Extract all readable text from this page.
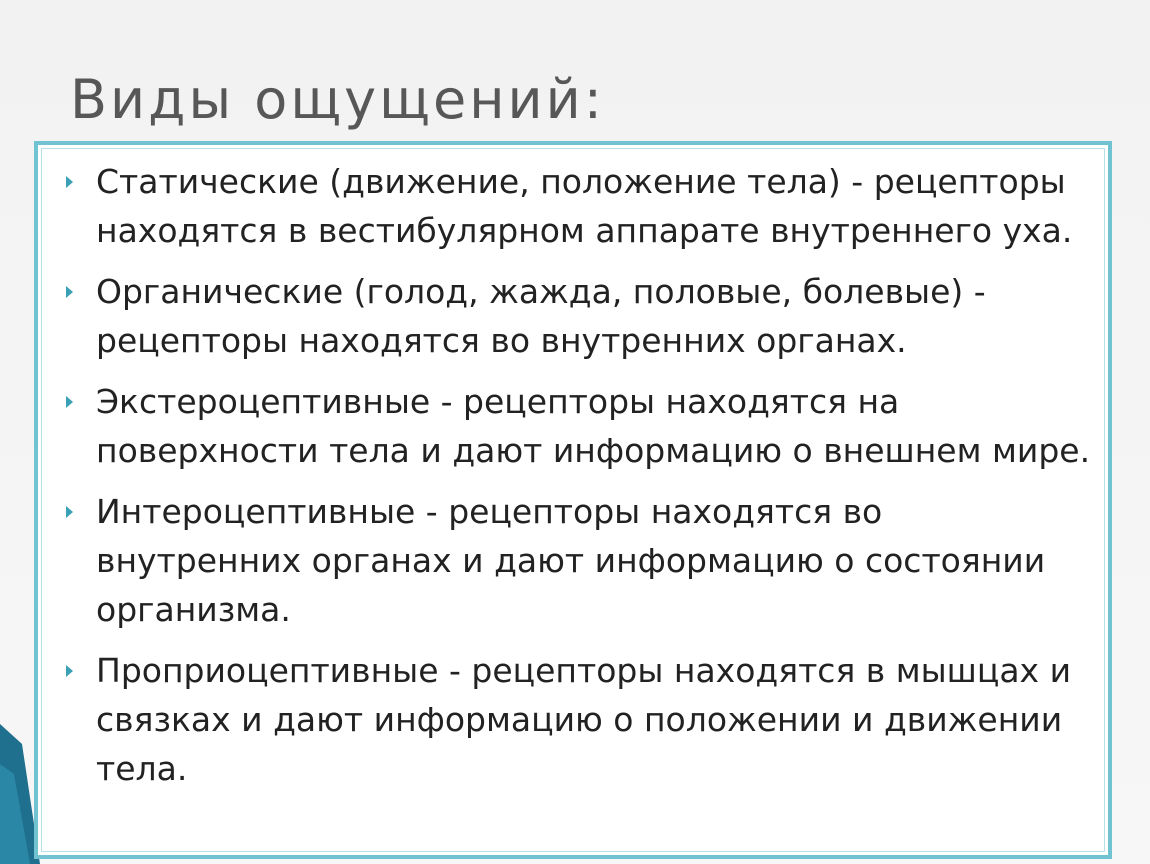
Виды ощущений:
Статические (движение, положение тела) - рецепторы находятся в вестибулярном аппарате внутреннего уха.
Органические (голод, жажда, половые, болевые) - рецепторы находятся во внутренних органах.
Экстероцептивные - рецепторы находятся на поверхности тела и дают информацию о внешнем мире.
Интероцептивные - рецепторы находятся во внутренних органах и дают информацию о состоянии организма.
Проприоцептивные - рецепторы находятся в мышцах и связках и дают информацию о положении и движении тела.
